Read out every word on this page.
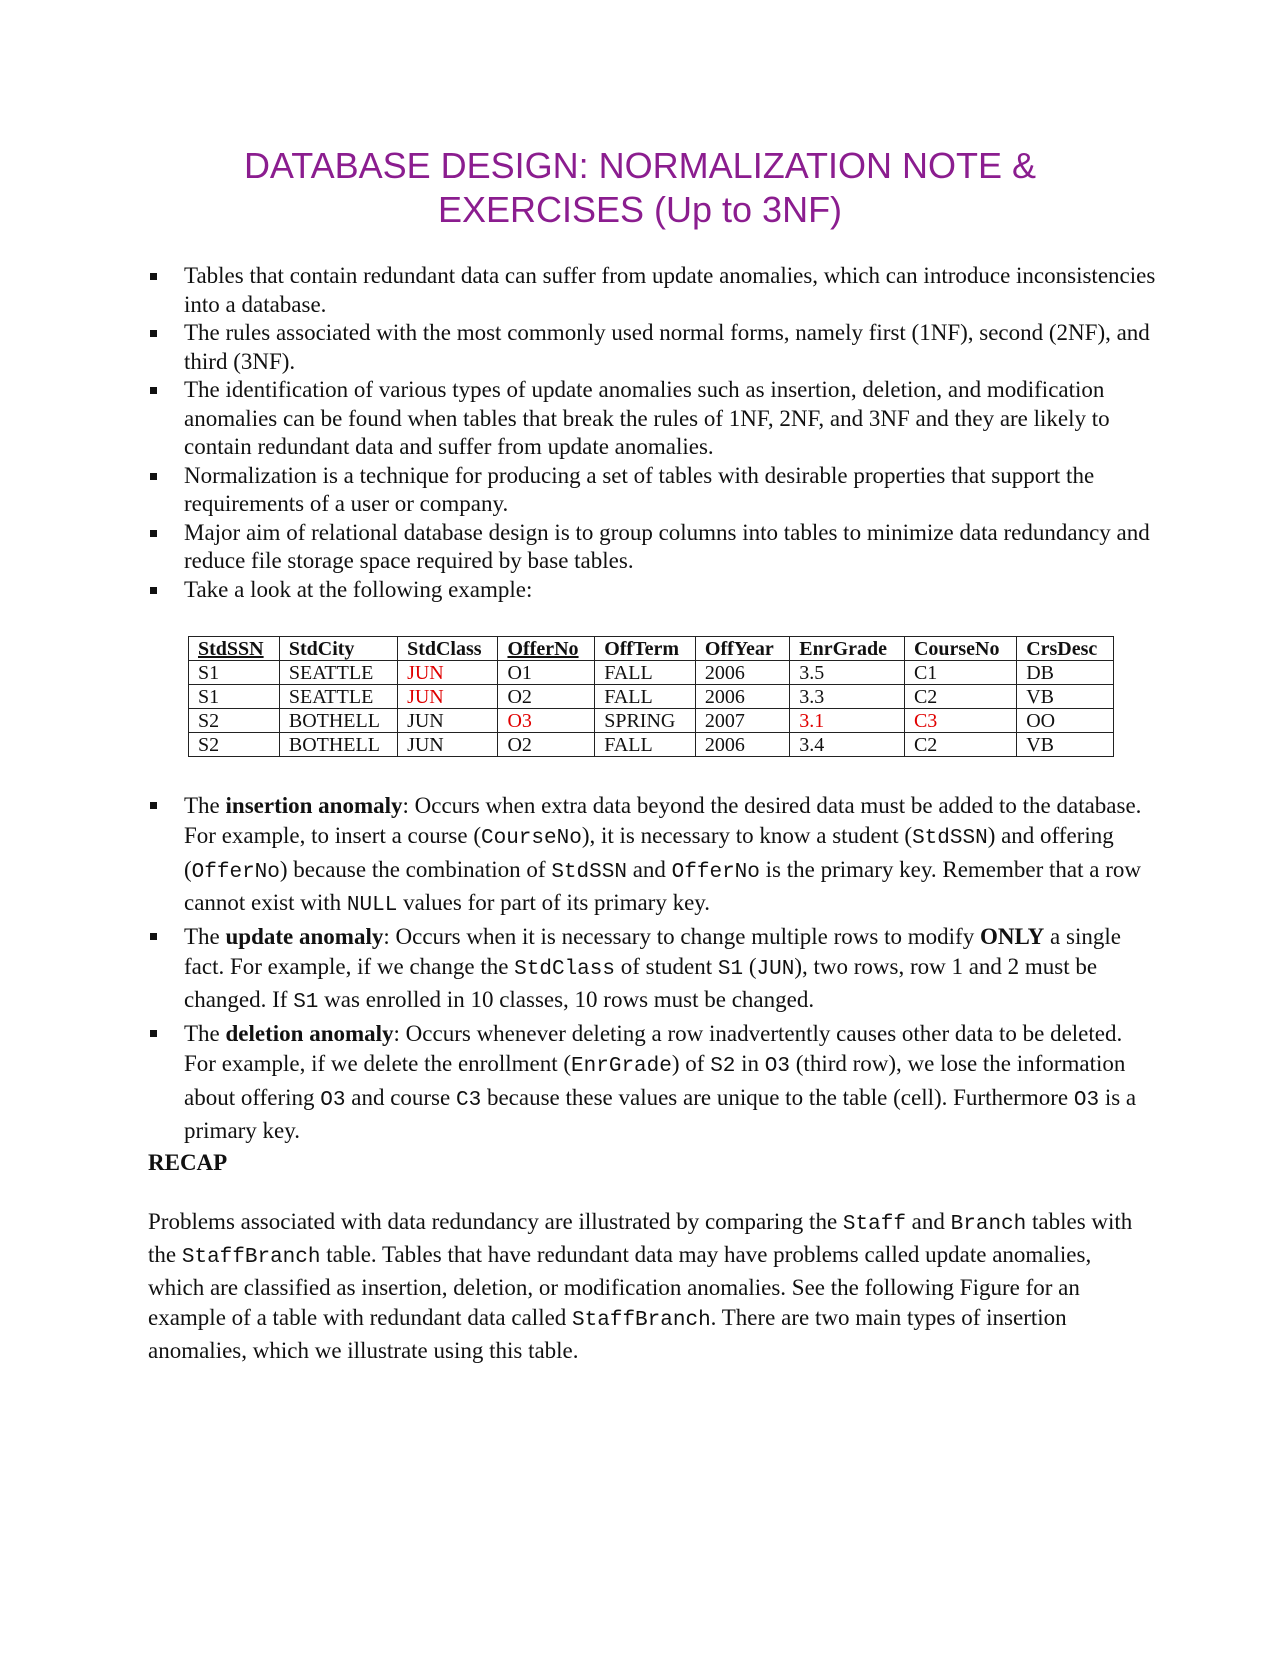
DATABASE DESIGN: NORMALIZATION NOTE &
EXERCISES (Up to 3NF)
Tables that contain redundant data can suffer from update anomalies, which can introduce inconsistencies into a database.
The rules associated with the most commonly used normal forms, namely first (1NF), second (2NF), and third (3NF).
The identification of various types of update anomalies such as insertion, deletion, and modification anomalies can be found when tables that break the rules of 1NF, 2NF, and 3NF and they are likely to contain redundant data and suffer from update anomalies.
Normalization is a technique for producing a set of tables with desirable properties that support the requirements of a user or company.
Major aim of relational database design is to group columns into tables to minimize data redundancy and reduce file storage space required by base tables.
Take a look at the following example:
StdSSN	StdCity	StdClass	OfferNo	OffTerm	OffYear	EnrGrade	CourseNo	CrsDesc
S1	SEATTLE	JUN	O1	FALL	2006	3.5	C1	DB
S1	SEATTLE	JUN	O2	FALL	2006	3.3	C2	VB
S2	BOTHELL	JUN	O3	SPRING	2007	3.1	C3	OO
S2	BOTHELL	JUN	O2	FALL	2006	3.4	C2	VB
The insertion anomaly: Occurs when extra data beyond the desired data must be added to the database. For example, to insert a course (CourseNo), it is necessary to know a student (StdSSN) and offering (OfferNo) because the combination of StdSSN and OfferNo is the primary key. Remember that a row cannot exist with NULL values for part of its primary key.
The update anomaly: Occurs when it is necessary to change multiple rows to modify ONLY a single fact. For example, if we change the StdClass of student S1 (JUN), two rows, row 1 and 2 must be changed. If S1 was enrolled in 10 classes, 10 rows must be changed.
The deletion anomaly: Occurs whenever deleting a row inadvertently causes other data to be deleted. For example, if we delete the enrollment (EnrGrade) of S2 in O3 (third row), we lose the information about offering O3 and course C3 because these values are unique to the table (cell). Furthermore O3 is a primary key.
RECAP

Problems associated with data redundancy are illustrated by comparing the Staff and Branch tables with the StaffBranch table. Tables that have redundant data may have problems called update anomalies, which are classified as insertion, deletion, or modification anomalies. See the following Figure for an example of a table with redundant data called StaffBranch. There are two main types of insertion anomalies, which we illustrate using this table.
